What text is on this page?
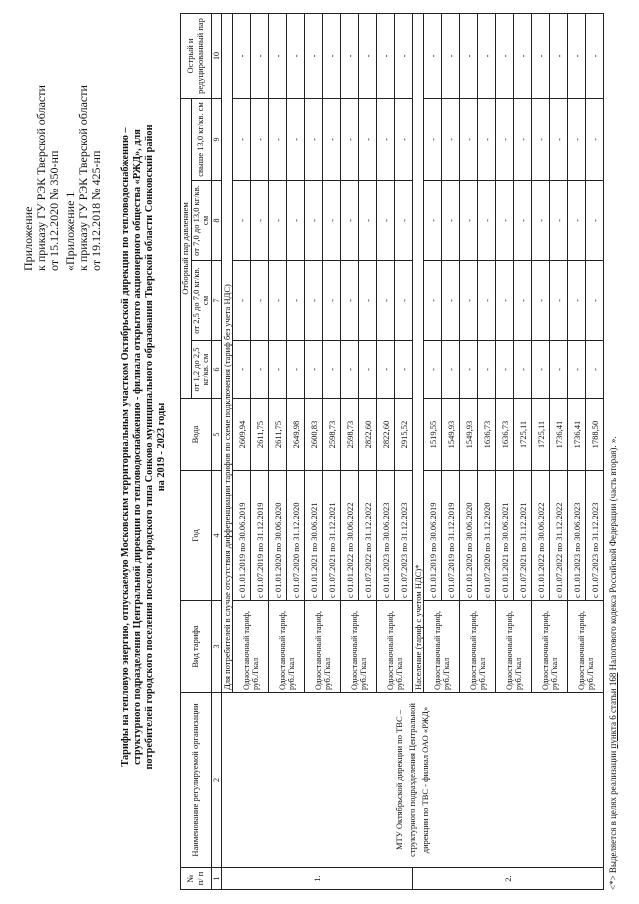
Приложение к приказу ГУ РЭК Тверской области от 15.12.2020 № 350-нп «Приложение 1 к приказу ГУ РЭК Тверской области от 19.12.2018 № 425-нп Тарифы на тепловую энергию, отпускаемую Московским территориальным участком Октябрьской дирекции по тепловодоснабжению – структурного подразделения Центральной дирекции по тепловодоснабжению - филиала открытого акционерного общества «РЖД», для потребителей городского поселения поселок городского типа Сонково муниципального образования Тверской области Сонковский район на 2019 - 2023 годы
№ п/ п	Наименование регулируемой организации	Вид тарифа	Год	Вода	Отборный пар давлением				Острый и редуцированный пар
					от 1,2 до 2,5 кг/кв. см	от 2,5 до 7,0 кг/кв. см	от 7,0 до 13,0 кг/кв. см	свыше 13,0 кг/кв. см	
1	2	3	4	5	6	7	8	9	10
1.	МТУ Октябрьской дирекции по ТВС – структурного подразделения Центральной дирекции по ТВС - филиал ОАО «РЖД»	Для потребителей в случае отсутствия дифференциации тарифов по схеме подключения (тариф без учета НДС)							
		Одноставочный тариф, руб./Гкал	с 01.01.2019 по 30.06.2019	2609,94	-	-	-	-	-
			с 01.07.2019 по 31.12.2019	2611,75	-	-	-	-	-
		Одноставочный тариф, руб./Гкал	с 01.01.2020 по 30.06.2020	2611,75	-	-	-	-	-
			с 01.07.2020 по 31.12.2020	2649,98	-	-	-	-	-
		Одноставочный тариф, руб./Гкал	с 01.01.2021 по 30.06.2021	2600,83	-	-	-	-	-
			с 01.07.2021 по 31.12.2021	2598,73	-	-	-	-	-
		Одноставочный тариф, руб./Гкал	с 01.01.2022 по 30.06.2022	2598,73	-	-	-	-	-
			с 01.07.2022 по 31.12.2022	2822,60	-	-	-	-	-
		Одноставочный тариф, руб./Гкал	с 01.01.2023 по 30.06.2023	2822,60	-	-	-	-	-
			с 01.07.2023 по 31.12.2023	2915,52	-	-	-	-	-
2.		Население (тариф с учетом НДС)*							
		Одноставочный тариф, руб./Гкал	с 01.01.2019 по 30.06.2019	1519,55	-	-	-	-	-
			с 01.07.2019 по 31.12.2019	1549,93	-	-	-	-	-
		Одноставочный тариф, руб./Гкал	с 01.01.2020 по 30.06.2020	1549,93	-	-	-	-	-
			с 01.07.2020 по 31.12.2020	1636,73	-	-	-	-	-
		Одноставочный тариф, руб./Гкал	с 01.01.2021 по 30.06.2021	1636,73	-	-	-	-	-
			с 01.07.2021 по 31.12.2021	1725,11	-	-	-	-	-
		Одноставочный тариф, руб./Гкал	с 01.01.2022 по 30.06.2022	1725,11	-	-	-	-	-
			с 01.07.2022 по 31.12.2022	1736,41	-	-	-	-	-
		Одноставочный тариф, руб./Гкал	с 01.01.2023 по 30.06.2023	1736,41	-	-	-	-	-
			с 01.07.2023 по 31.12.2023	1788,50	-	-	-	-	-
<*> Выделяется в целях реализации пункта 6 статьи 168 Налогового кодекса Российской Федерации (часть вторая). ».
